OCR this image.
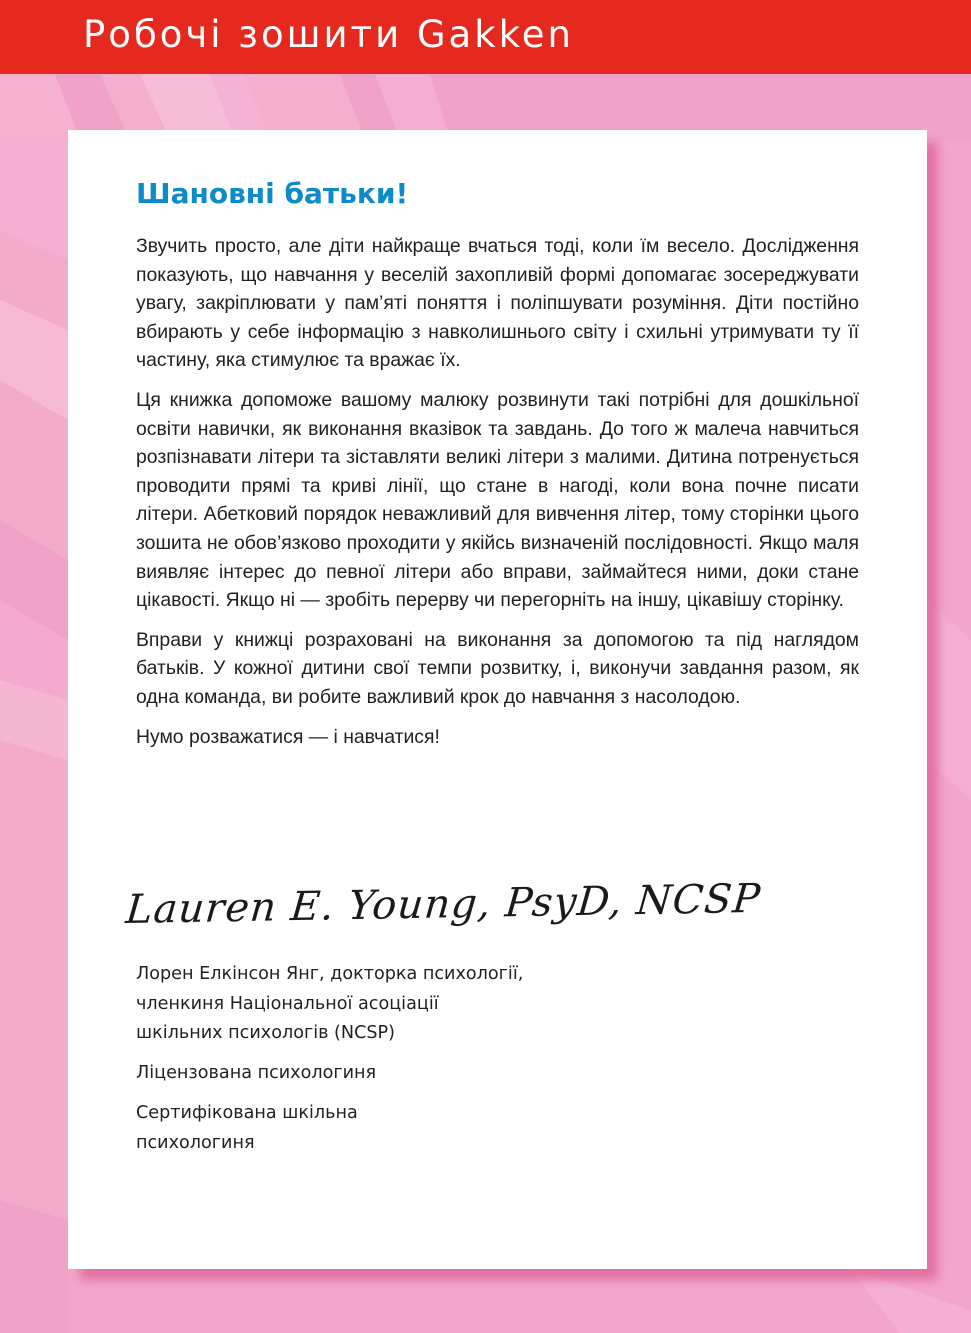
Робочі зошити Gakken
Шановні батьки!

Звучить просто, але діти найкраще вчаться тоді, коли їм весело. Дослідження показують, що навчання у веселій захопливій формі допомагає зосереджувати увагу, закріплювати у пам’яті поняття і поліпшувати розуміння. Діти постійно вбирають у себе інформацію з навколишнього світу і схильні утримувати ту її частину, яка стимулює та вражає їх.

Ця книжка допоможе вашому малюку розвинути такі потрібні для дошкільної освіти навички, як виконання вказівок та завдань. До того ж малеча навчиться розпізнавати літери та зіставляти великі літери з малими. Дитина потренується проводити прямі та криві лінії, що стане в нагоді, коли вона почне писати літери. Абетковий порядок неважливий для вивчення літер, тому сторінки цього зошита не обов’язково проходити у якійсь визначеній послідовності. Якщо маля виявляє інтерес до певної літери або вправи, займайтеся ними, доки стане цікавості. Якщо ні — зробіть перерву чи перегорніть на іншу, цікавішу сторінку.

Вправи у книжці розраховані на виконання за допомогою та під наглядом батьків. У кожної дитини свої темпи розвитку, і, виконучи завдання разом, як одна команда, ви робите важливий крок до навчання з насолодою.

Нумо розважатися — і навчатися!

Lauren E. Young, PsyD, NCSP
Лорен Елкінсон Янг, докторка психології,
членкиня Національної асоціації
шкільних психологів (NCSP)
Ліцензована психологиня
Сертифікована шкільна
психологиня
